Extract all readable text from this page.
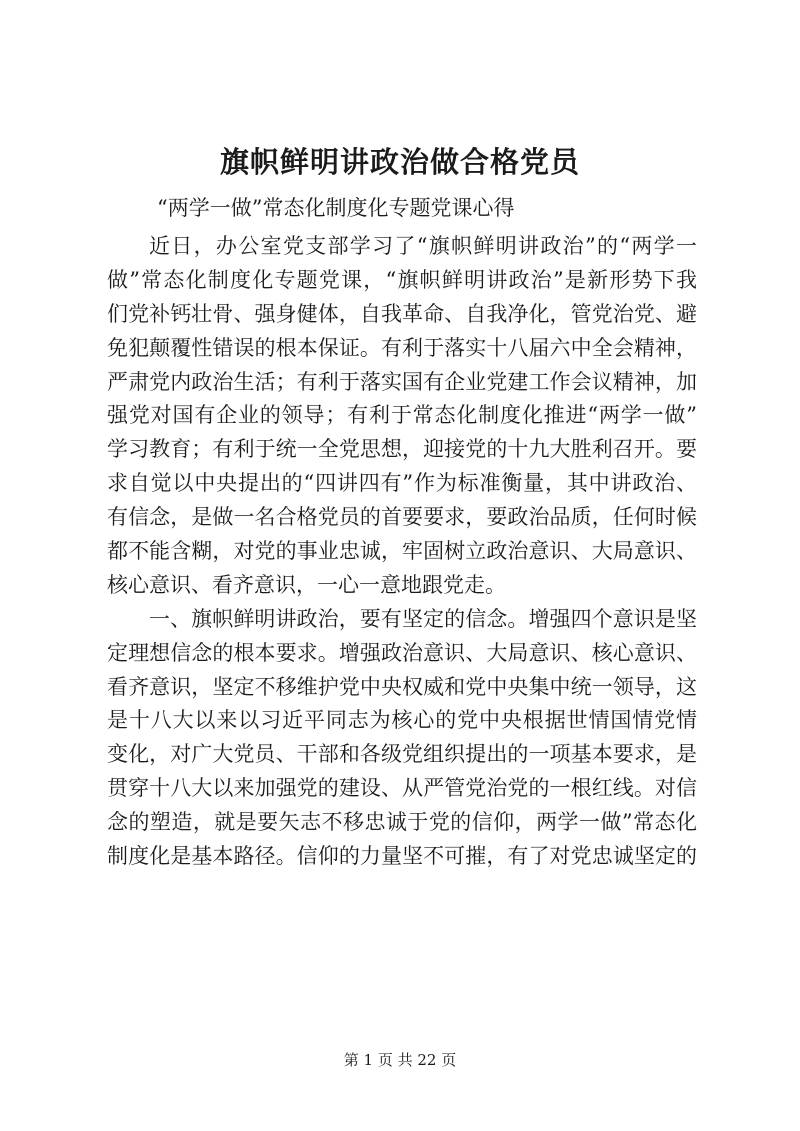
旗帜鲜明讲政治做合格党员
“两学一做”常态化制度化专题党课心得
近日，办公室党支部学习了“旗帜鲜明讲政治”的“两学一
做”常态化制度化专题党课，“旗帜鲜明讲政治”是新形势下我
们党补钙壮骨、强身健体，自我革命、自我净化，管党治党、避
免犯颠覆性错误的根本保证。有利于落实十八届六中全会精神，
严肃党内政治生活；有利于落实国有企业党建工作会议精神，加
强党对国有企业的领导；有利于常态化制度化推进“两学一做”
学习教育；有利于统一全党思想，迎接党的十九大胜利召开。要
求自觉以中央提出的“四讲四有”作为标准衡量，其中讲政治、
有信念，是做一名合格党员的首要要求，要政治品质，任何时候
都不能含糊，对党的事业忠诚，牢固树立政治意识、大局意识、
核心意识、看齐意识，一心一意地跟党走。
一、旗帜鲜明讲政治，要有坚定的信念。增强四个意识是坚
定理想信念的根本要求。增强政治意识、大局意识、核心意识、
看齐意识，坚定不移维护党中央权威和党中央集中统一领导，这
是十八大以来以习近平同志为核心的党中央根据世情国情党情
变化，对广大党员、干部和各级党组织提出的一项基本要求，是
贯穿十八大以来加强党的建设、从严管党治党的一根红线。对信
念的塑造，就是要矢志不移忠诚于党的信仰，两学一做”常态化
制度化是基本路径。信仰的力量坚不可摧，有了对党忠诚坚定的
第 1 页 共 22 页
